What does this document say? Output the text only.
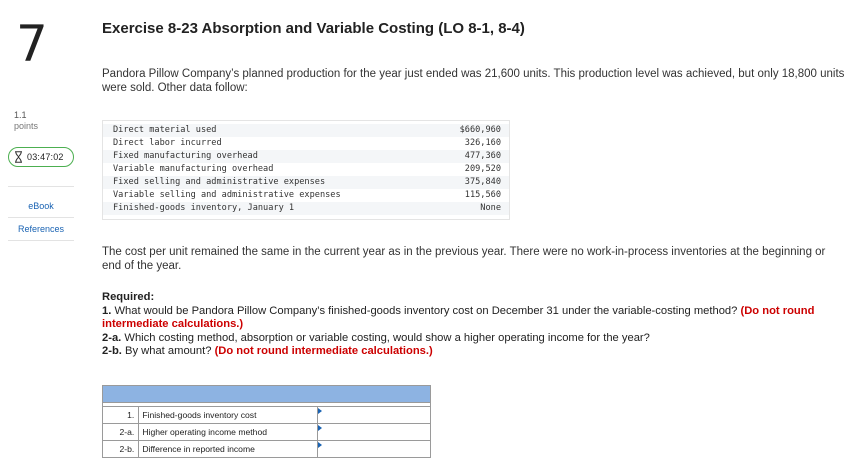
7
1.1
points
03:47:02
eBook
References
Exercise 8-23 Absorption and Variable Costing (LO 8-1, 8-4)
Pandora Pillow Company’s planned production for the year just ended was 21,600 units. This production level was achieved, but only 18,800 units were sold. Other data follow:
Direct material used	$660,960
Direct labor incurred	326,160
Fixed manufacturing overhead	477,360
Variable manufacturing overhead	209,520
Fixed selling and administrative expenses	375,840
Variable selling and administrative expenses	115,560
Finished-goods inventory, January 1	None
The cost per unit remained the same in the current year as in the previous year. There were no work-in-process inventories at the beginning or end of the year.
Required:

1. What would be Pandora Pillow Company’s finished-goods inventory cost on December 31 under the variable-costing method? (Do not round intermediate calculations.)

2-a. Which costing method, absorption or variable costing, would show a higher operating income for the year?

2-b. By what amount? (Do not round intermediate calculations.)

1.	Finished-goods inventory cost	

2-a.	Higher operating income method	

2-b.	Difference in reported income	
